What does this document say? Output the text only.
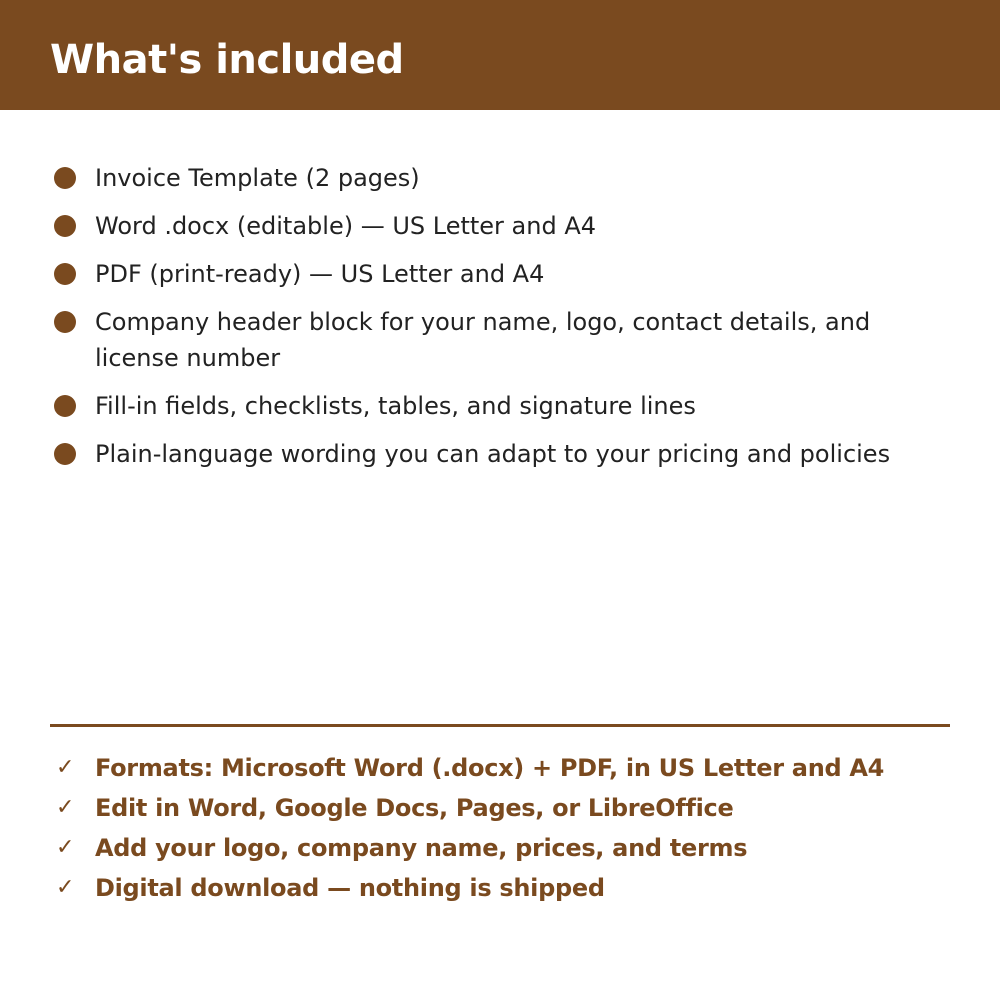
What's included
Invoice Template (2 pages)
Word .docx (editable) — US Letter and A4
PDF (print-ready) — US Letter and A4
Company header block for your name, logo, contact details, and license number
Fill-in fields, checklists, tables, and signature lines
Plain-language wording you can adapt to your pricing and policies
✓ Formats: Microsoft Word (.docx) + PDF, in US Letter and A4
✓ Edit in Word, Google Docs, Pages, or LibreOffice
✓ Add your logo, company name, prices, and terms
✓ Digital download — nothing is shipped
